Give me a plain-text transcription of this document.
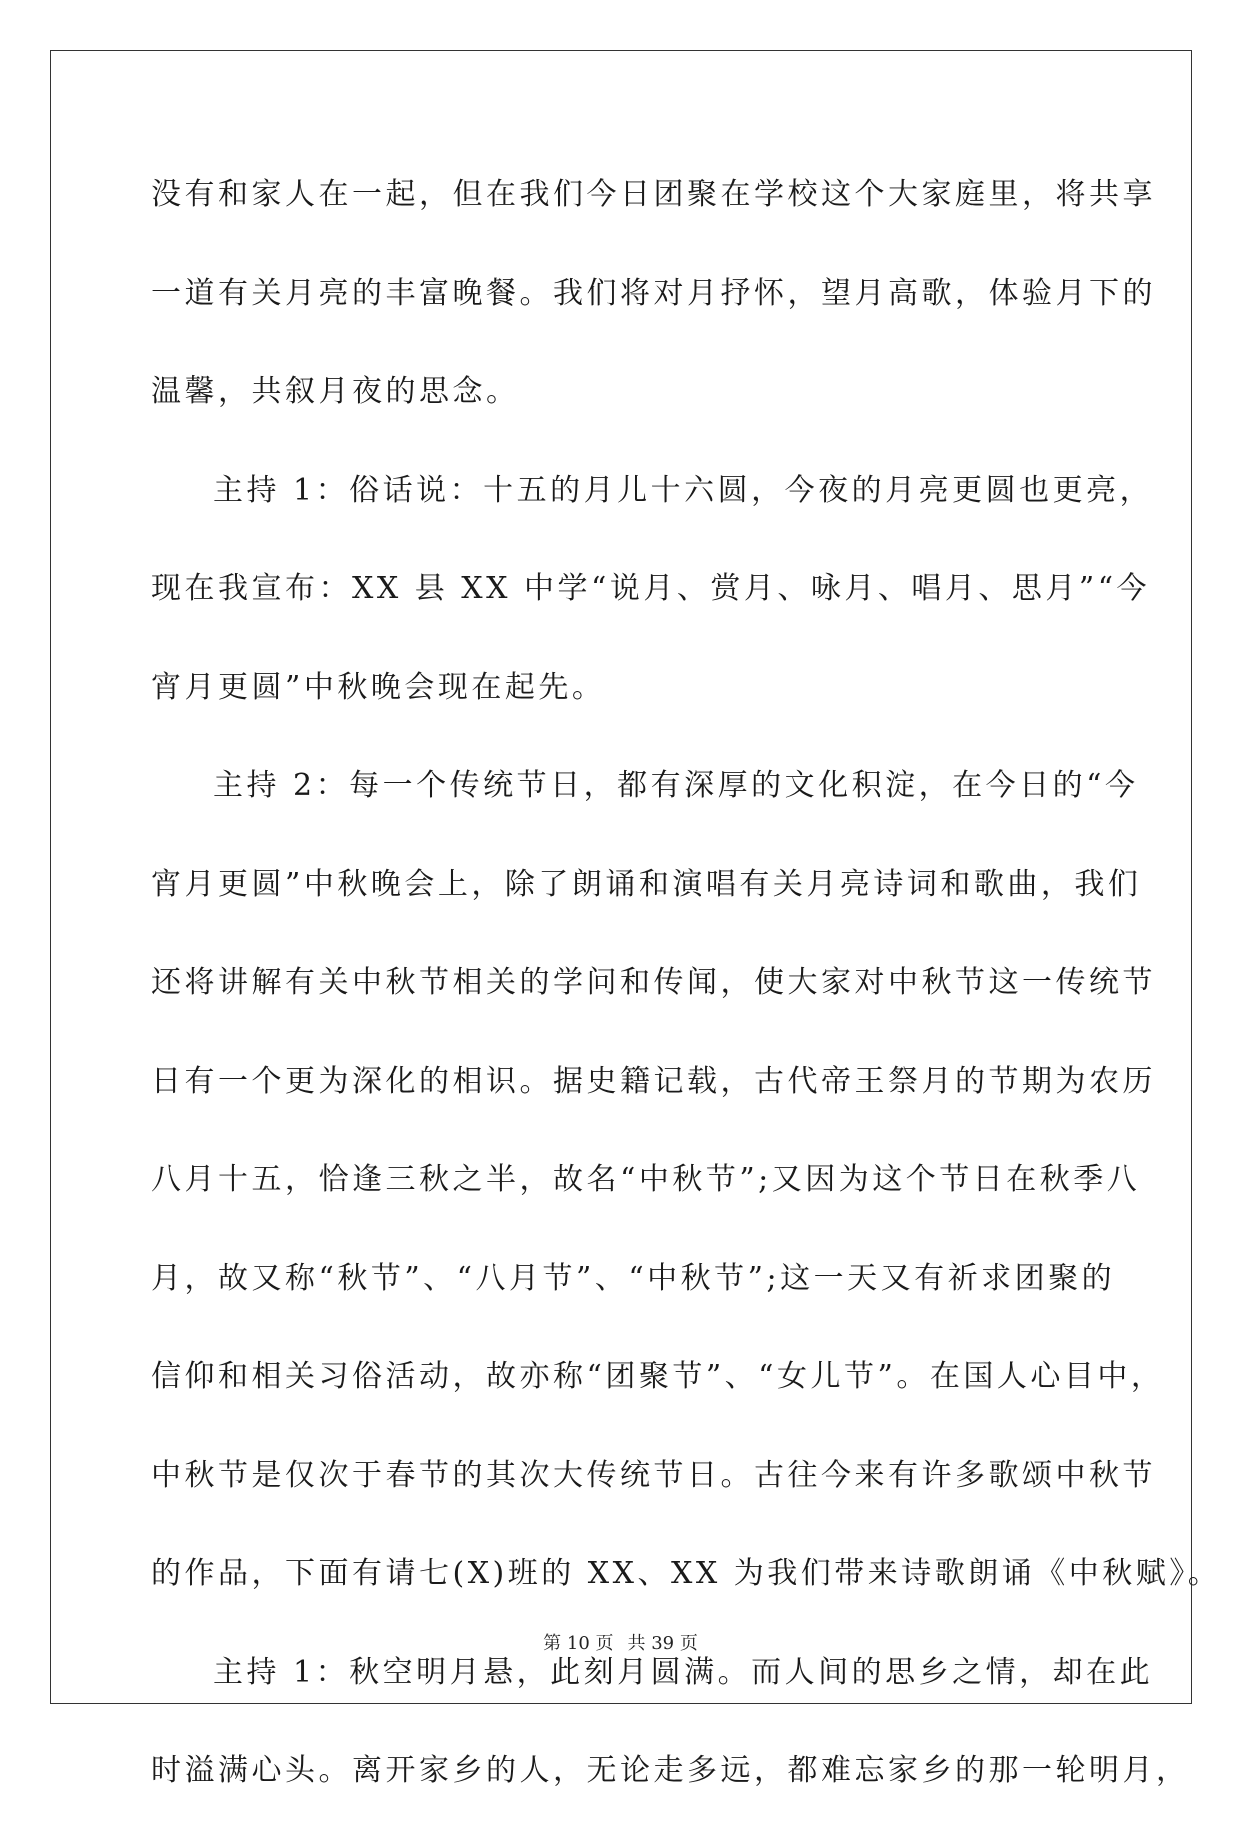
没有和家人在一起，但在我们今日团聚在学校这个大家庭里，将共享
一道有关月亮的丰富晚餐。我们将对月抒怀，望月高歌，体验月下的
温馨，共叙月夜的思念。
主持 1：俗话说：十五的月儿十六圆，今夜的月亮更圆也更亮，
现在我宣布：XX 县 XX 中学“说月、赏月、咏月、唱月、思月”“今
宵月更圆”中秋晚会现在起先。
主持 2：每一个传统节日，都有深厚的文化积淀，在今日的“今
宵月更圆”中秋晚会上，除了朗诵和演唱有关月亮诗词和歌曲，我们
还将讲解有关中秋节相关的学问和传闻，使大家对中秋节这一传统节
日有一个更为深化的相识。据史籍记载，古代帝王祭月的节期为农历
八月十五，恰逢三秋之半，故名“中秋节”;又因为这个节日在秋季八
月，故又称“秋节”、“八月节”、“中秋节”;这一天又有祈求团聚的
信仰和相关习俗活动，故亦称“团聚节”、“女儿节”。在国人心目中，
中秋节是仅次于春节的其次大传统节日。古往今来有许多歌颂中秋节
的作品，下面有请七(X)班的 XX、XX 为我们带来诗歌朗诵《中秋赋》。
主持 1：秋空明月悬，此刻月圆满。而人间的思乡之情，却在此
时溢满心头。离开家乡的人，无论走多远，都难忘家乡的那一轮明月，
第 10 页 共 39 页
